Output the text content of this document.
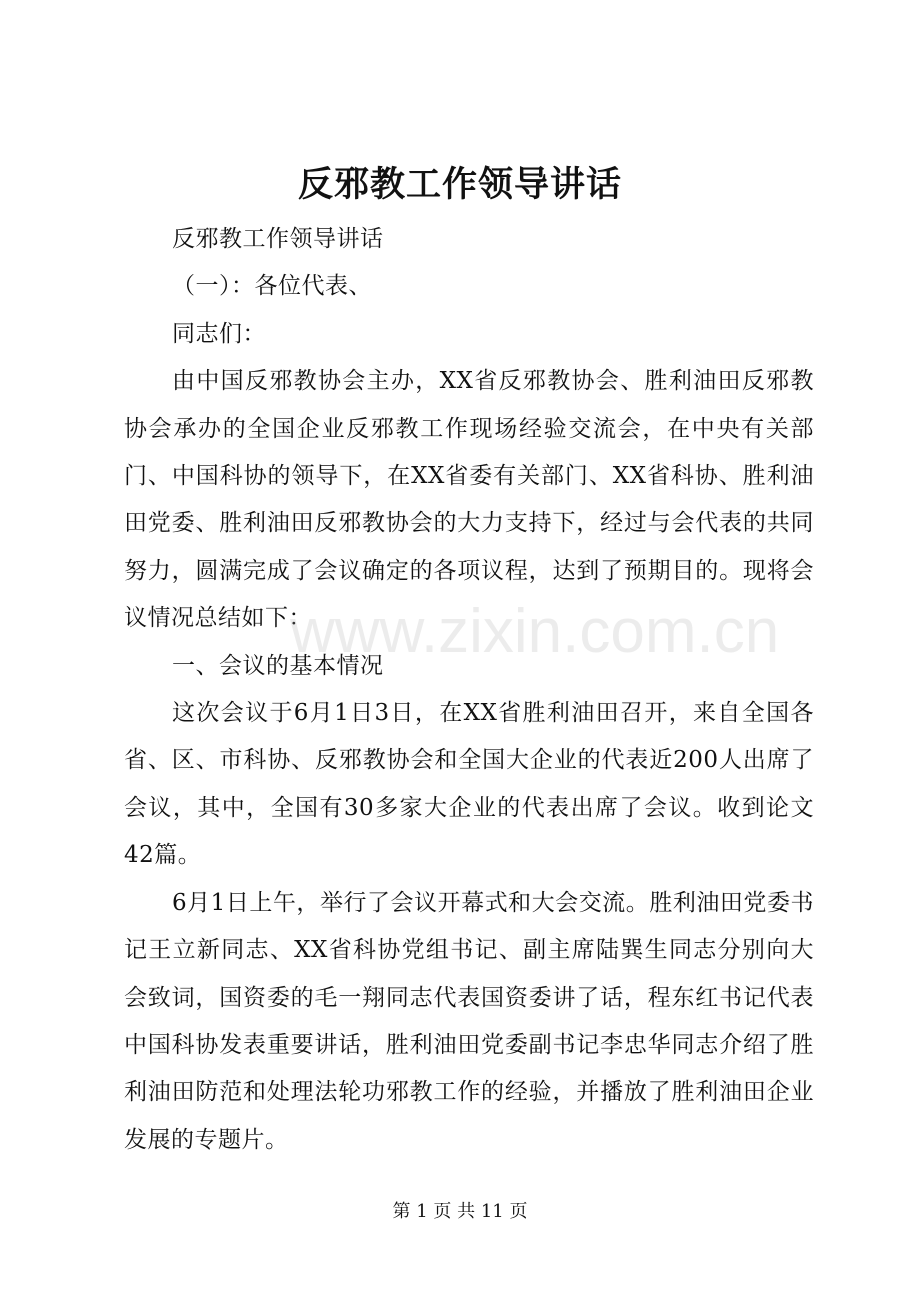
反邪教工作领导讲话

反邪教工作领导讲话

（一）：各位代表、

同志们：

由中国反邪教协会主办，XX省反邪教协会、胜利油田反邪教协会承办的全国企业反邪教工作现场经验交流会，在中央有关部门、中国科协的领导下，在XX省委有关部门、XX省科协、胜利油田党委、胜利油田反邪教协会的大力支持下，经过与会代表的共同努力，圆满完成了会议确定的各项议程，达到了预期目的。现将会议情况总结如下：

一、会议的基本情况

这次会议于6月1日3日，在XX省胜利油田召开，来自全国各省、区、市科协、反邪教协会和全国大企业的代表近200人出席了会议，其中，全国有30多家大企业的代表出席了会议。收到论文42篇。

6月1日上午，举行了会议开幕式和大会交流。胜利油田党委书记王立新同志、XX省科协党组书记、副主席陆巽生同志分别向大会致词，国资委的毛一翔同志代表国资委讲了话，程东红书记代表中国科协发表重要讲话，胜利油田党委副书记李忠华同志介绍了胜利油田防范和处理法轮功邪教工作的经验，并播放了胜利油田企业发展的专题片。

www.zixin.com.cn
第 1 页 共 11 页
